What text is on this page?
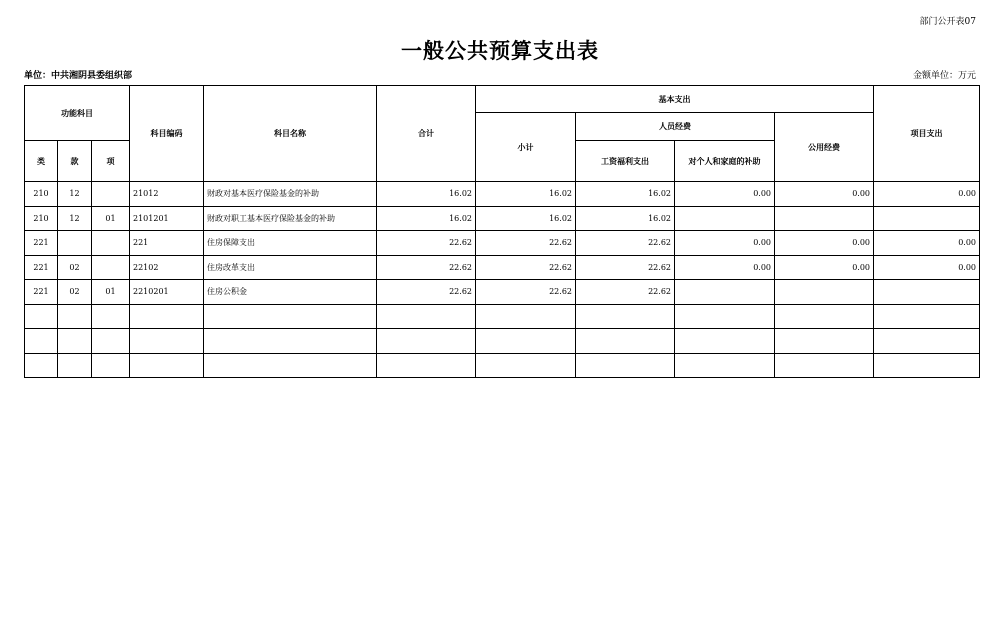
部门公开表07
一般公共预算支出表
单位：中共湘阴县委组织部	金额单位：万元
功能科目			科目编码	科目名称	合计	基本支出				项目支出
						小计	人员经费		公用经费	
类	款	项					工资福利支出	对个人和家庭的补助		
210	12		21012	财政对基本医疗保险基金的补助	16.02	16.02	16.02	0.00	0.00	0.00
210	12	01	2101201	财政对职工基本医疗保险基金的补助	16.02	16.02	16.02			
221			221	住房保障支出	22.62	22.62	22.62	0.00	0.00	0.00
221	02		22102	住房改革支出	22.62	22.62	22.62	0.00	0.00	0.00
221	02	01	2210201	住房公积金	22.62	22.62	22.62			
